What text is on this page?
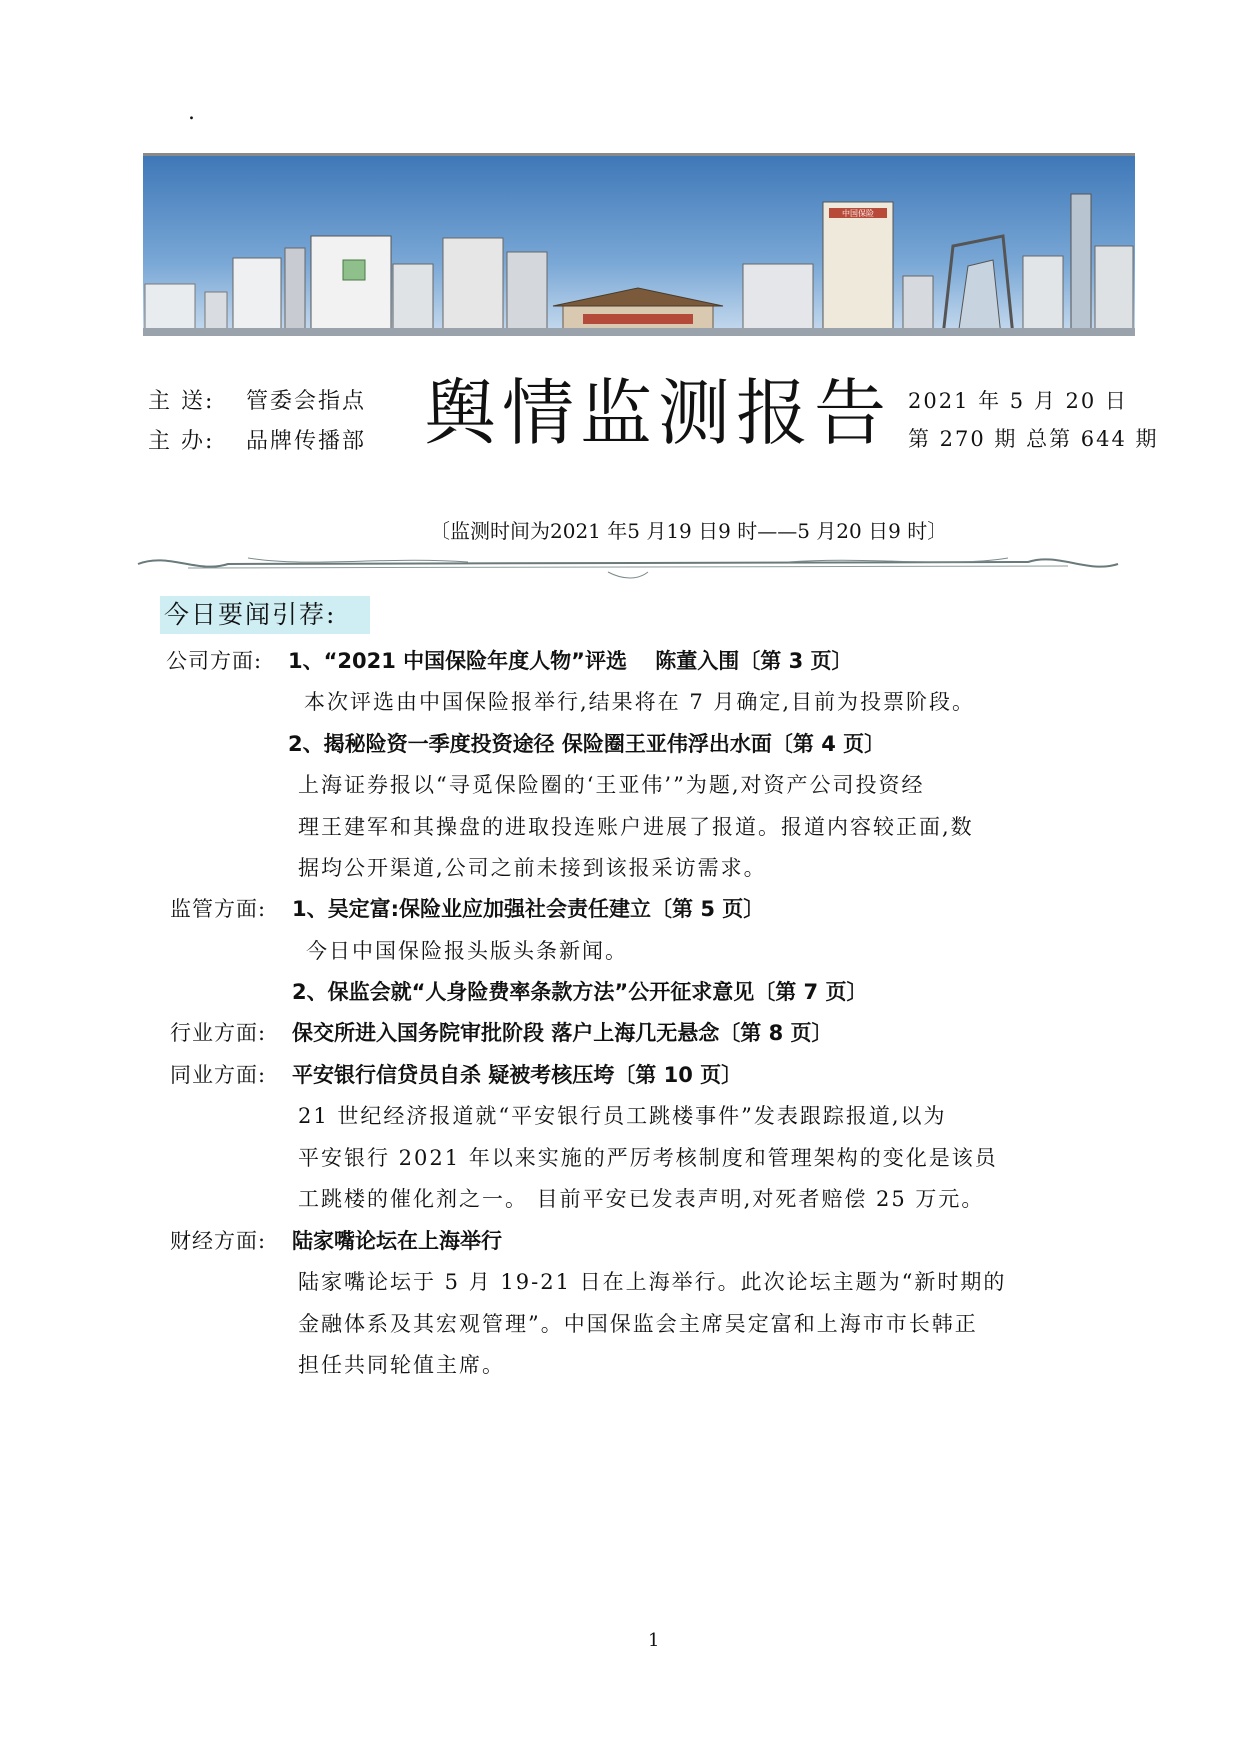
.
中国保险
主 送: 管委会指点
主 办: 品牌传播部 舆情监测报告 2021 年 5 月 20 日
第 270 期 总第 644 期
〔监测时间为2021 年5 月19 日9 时——5 月20 日9 时〕
今日要闻引荐:
公司方面: 1、“2021 中国保险年度人物”评选　 陈董入围〔第 3 页〕
本次评选由中国保险报举行,结果将在 7 月确定,目前为投票阶段。
2、揭秘险资一季度投资途径 保险圈王亚伟浮出水面〔第 4 页〕
上海证券报以“寻觅保险圈的‘王亚伟’”为题,对资产公司投资经
理王建军和其操盘的进取投连账户进展了报道。报道内容较正面,数
据均公开渠道,公司之前未接到该报采访需求。
监管方面: 1、吴定富:保险业应加强社会责任建立〔第 5 页〕
今日中国保险报头版头条新闻。
2、保监会就“人身险费率条款方法”公开征求意见〔第 7 页〕
行业方面: 保交所进入国务院审批阶段 落户上海几无悬念〔第 8 页〕
同业方面: 平安银行信贷员自杀 疑被考核压垮〔第 10 页〕
21 世纪经济报道就“平安银行员工跳楼事件”发表跟踪报道,以为
平安银行 2021 年以来实施的严厉考核制度和管理架构的变化是该员
工跳楼的催化剂之一。 目前平安已发表声明,对死者赔偿 25 万元。
财经方面: 陆家嘴论坛在上海举行
陆家嘴论坛于 5 月 19-21 日在上海举行。此次论坛主题为“新时期的
金融体系及其宏观管理”。中国保监会主席吴定富和上海市市长韩正
担任共同轮值主席。
1
